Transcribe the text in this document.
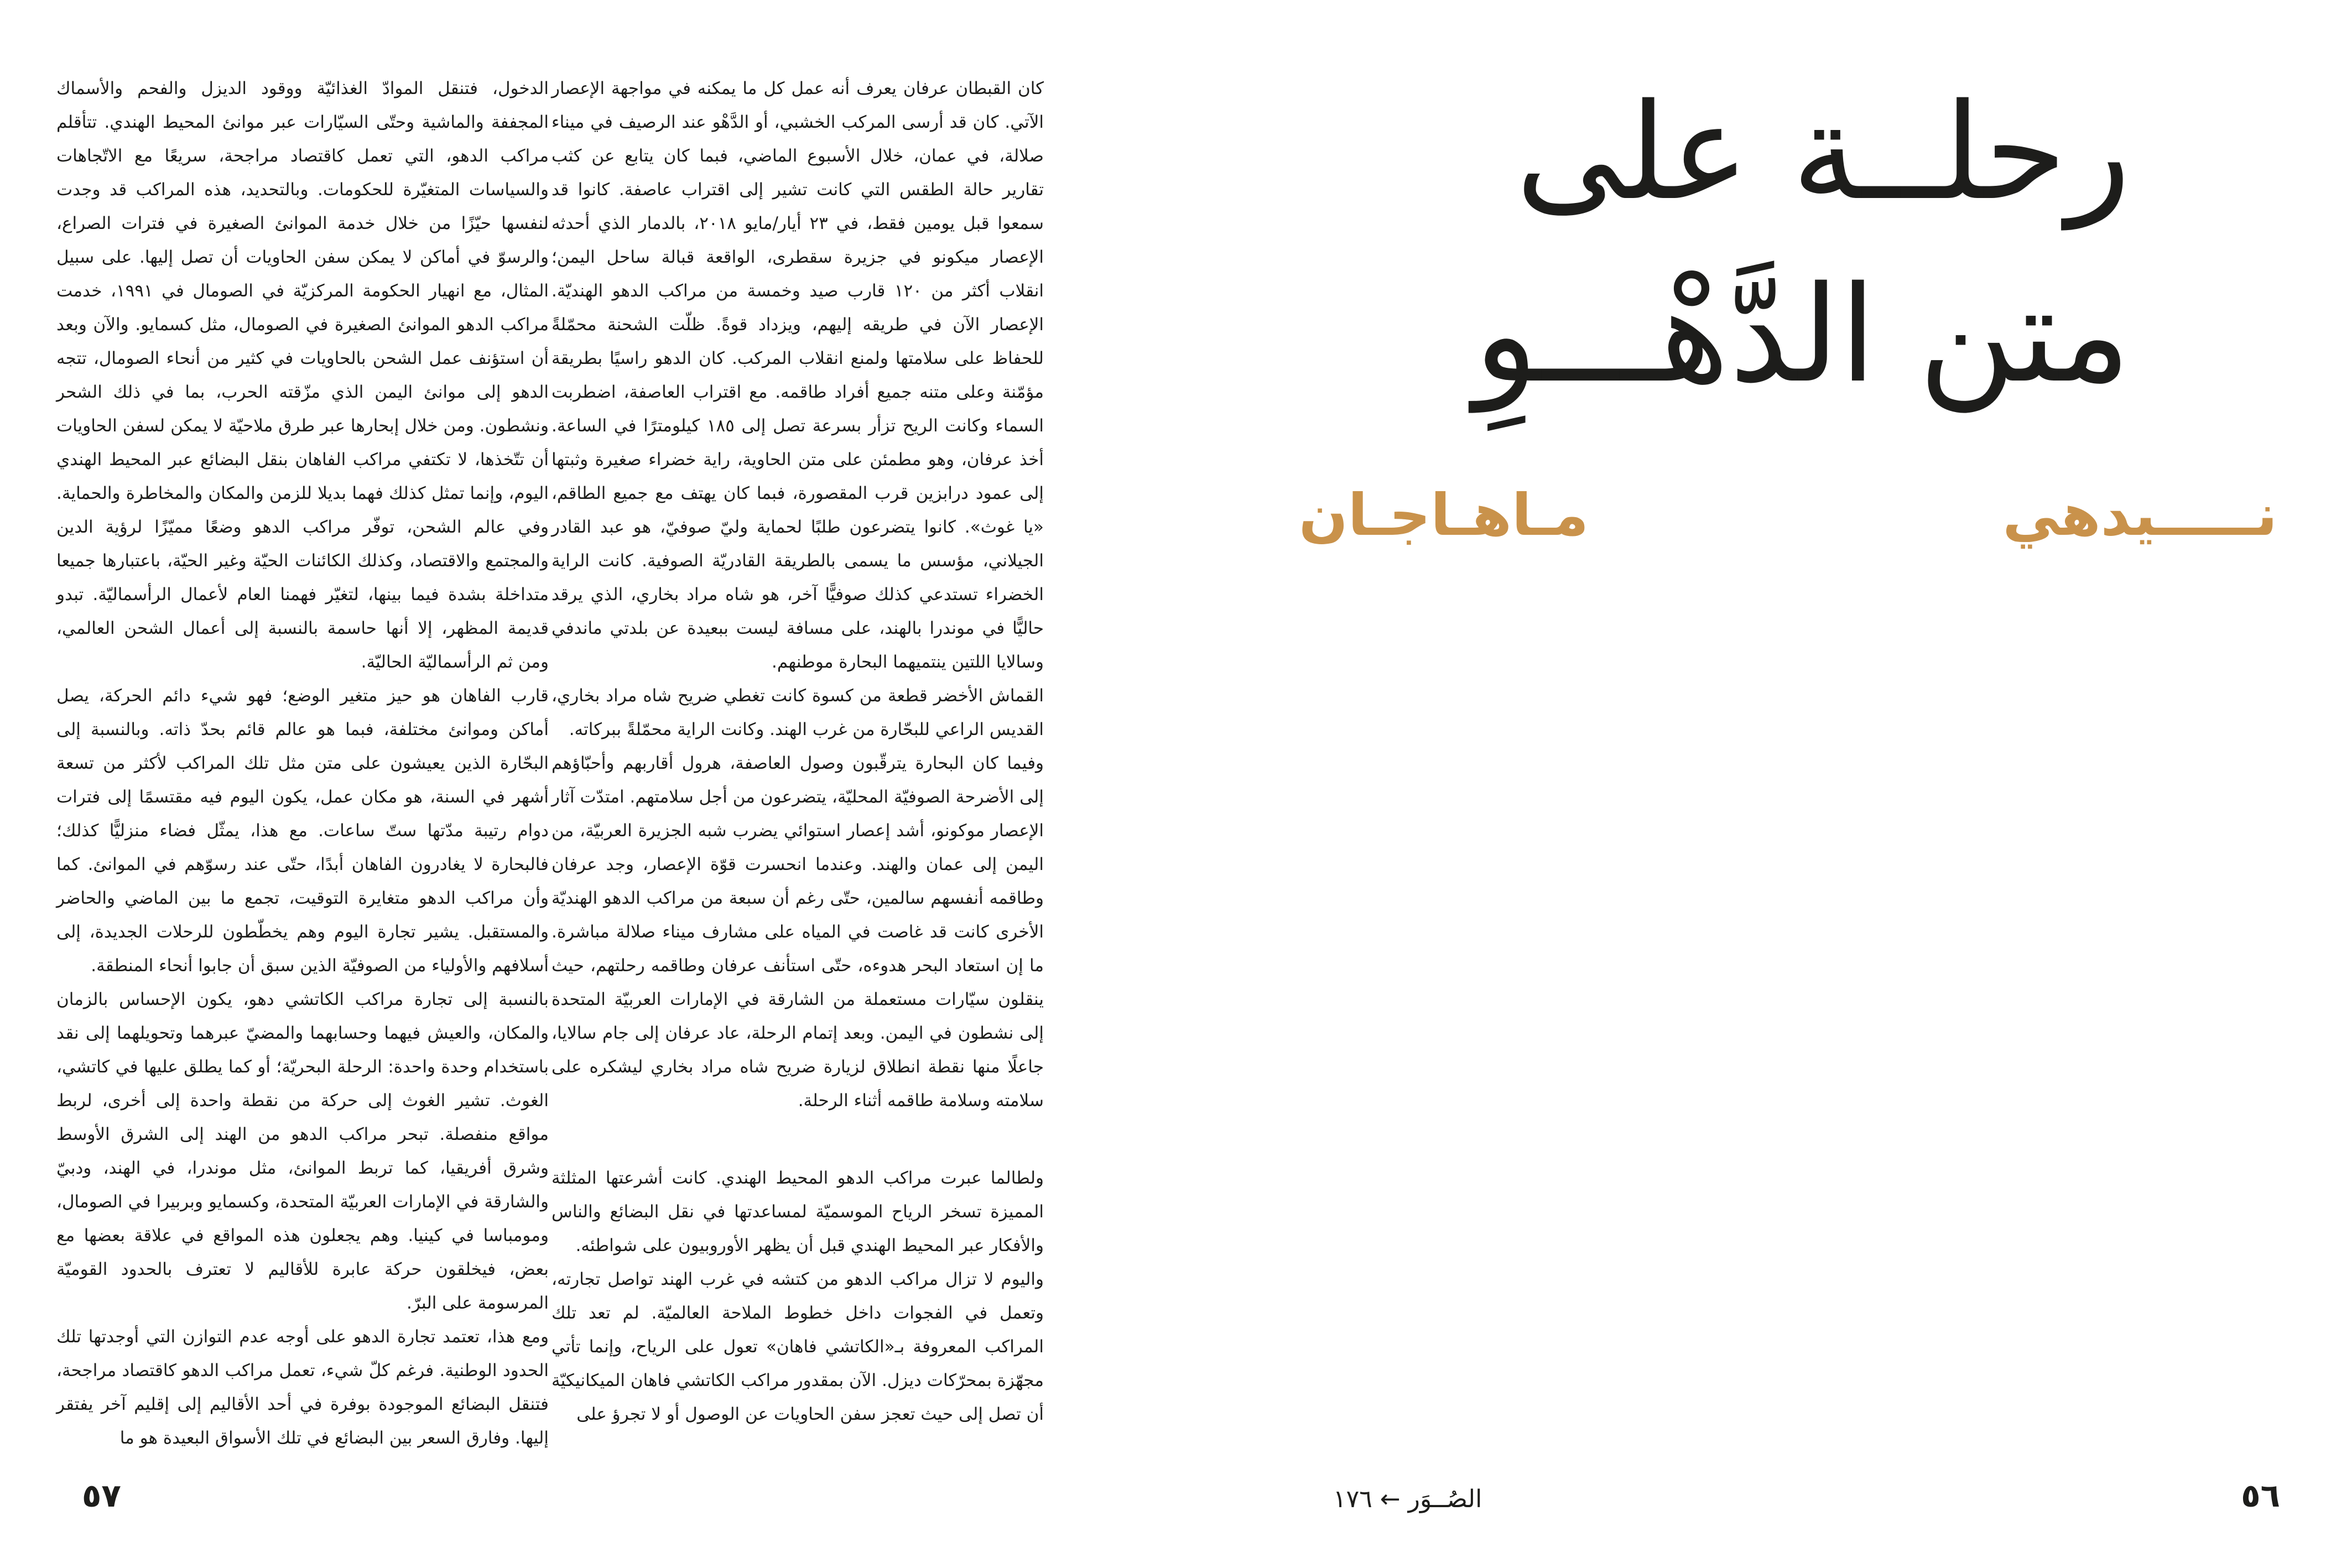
رحلــة على
متن الدَّهْـــوِ
نـــــيدهي
مـاهـاجـان

كان القبطان عرفان يعرف أنه عمل كل ما يمكنه في مواجهة الإعصار الآتي. كان قد أرسى المركب الخشبي، أو الدَّهْو عند الرصيف في ميناء صلالة، في عمان، خلال الأسبوع الماضي، فبما كان يتابع عن كثب تقارير حالة الطقس التي كانت تشير إلى اقتراب عاصفة. كانوا قد سمعوا قبل يومين فقط، في ٢٣ أيار/مايو ٢٠١٨، بالدمار الذي أحدثه الإعصار ميكونو في جزيرة سقطرى، الواقعة قبالة ساحل اليمن؛ انقلاب أكثر من ١٢٠ قارب صيد وخمسة من مراكب الدهو الهنديّة. الإعصار الآن في طريقه إليهم، ويزداد قوةً. ظلّت الشحنة محمّلةً للحفاظ على سلامتها ولمنع انقلاب المركب. كان الدهو راسيًا بطريقة مؤمّنة وعلى متنه جميع أفراد طاقمه. مع اقتراب العاصفة، اضطربت السماء وكانت الريح تزأر بسرعة تصل إلى ١٨٥ كيلومترًا في الساعة. أخذ عرفان، وهو مطمئن على متن الحاوية، راية خضراء صغيرة وثبتها إلى عمود درابزين قرب المقصورة، فبما كان يهتف مع جميع الطاقم، «يا غوث». كانوا يتضرعون طلبًا لحماية وليّ صوفيّ، هو عبد القادر الجيلاني، مؤسس ما يسمى بالطريقة القادريّة الصوفية. كانت الراية الخضراء تستدعي كذلك صوفيًّا آخر، هو شاه مراد بخاري، الذي يرقد حاليًّا في موندرا بالهند، على مسافة ليست ببعيدة عن بلدتي ماندفي وسالايا اللتين ينتميهما البحارة موطنهم.

القماش الأخضر قطعة من كسوة كانت تغطي ضريح شاه مراد بخاري، القديس الراعي للبحّارة من غرب الهند. وكانت الراية محمّلةً ببركاته.

وفيما كان البحارة يترقّبون وصول العاصفة، هرول أقاربهم وأحبّاؤهم إلى الأضرحة الصوفيّة المحليّة، يتضرعون من أجل سلامتهم. امتدّت آثار الإعصار موكونو، أشد إعصار استوائي يضرب شبه الجزيرة العربيّة، من اليمن إلى عمان والهند. وعندما انحسرت قوّة الإعصار، وجد عرفان وطاقمه أنفسهم سالمين، حتّى رغم أن سبعة من مراكب الدهو الهنديّة الأخرى كانت قد غاصت في المياه على مشارف ميناء صلالة مباشرة. ما إن استعاد البحر هدوءه، حتّى استأنف عرفان وطاقمه رحلتهم، حيث ينقلون سيّارات مستعملة من الشارقة في الإمارات العربيّة المتحدة إلى نشطون في اليمن. وبعد إتمام الرحلة، عاد عرفان إلى جام سالايا، جاعلًا منها نقطة انطلاق لزيارة ضريح شاه مراد بخاري ليشكره على سلامته وسلامة طاقمه أثناء الرحلة.

ولطالما عبرت مراكب الدهو المحيط الهندي. كانت أشرعتها المثلثة المميزة تسخر الرياح الموسميّة لمساعدتها في نقل البضائع والناس والأفكار عبر المحيط الهندي قبل أن يظهر الأوروبيون على شواطئه.

واليوم لا تزال مراكب الدهو من كتشه في غرب الهند تواصل تجارته، وتعمل في الفجوات داخل خطوط الملاحة العالميّة. لم تعد تلك المراكب المعروفة بـ«الكاتشي فاهان» تعول على الرياح، وإنما تأتي مجهّزة بمحرّكات ديزل. الآن بمقدور مراكب الكاتشي فاهان الميكانيكيّة أن تصل إلى حيث تعجز سفن الحاويات عن الوصول أو لا تجرؤ على

الدخول، فتنقل الموادّ الغذائيّة ووقود الديزل والفحم والأسماك المجففة والماشية وحتّى السيّارات عبر موانئ المحيط الهندي. تتأقلم مراكب الدهو، التي تعمل كاقتصاد مراجحة، سريعًا مع الاتّجاهات والسياسات المتغيّرة للحكومات. وبالتحديد، هذه المراكب قد وجدت لنفسها حيّزًا من خلال خدمة الموانئ الصغيرة في فترات الصراع، والرسوّ في أماكن لا يمكن سفن الحاويات أن تصل إليها. على سبيل المثال، مع انهيار الحكومة المركزيّة في الصومال في ١٩٩١، خدمت مراكب الدهو الموانئ الصغيرة في الصومال، مثل كسمايو. والآن وبعد أن استؤنف عمل الشحن بالحاويات في كثير من أنحاء الصومال، تتجه الدهو إلى موانئ اليمن الذي مزّقته الحرب، بما في ذلك الشحر ونشطون. ومن خلال إبحارها عبر طرق ملاحيّة لا يمكن لسفن الحاويات أن تتّخذها، لا تكتفي مراكب الفاهان بنقل البضائع عبر المحيط الهندي اليوم، وإنما تمثل كذلك فهما بديلا للزمن والمكان والمخاطرة والحماية. وفي عالم الشحن، توفّر مراكب الدهو وضعًا مميّزًا لرؤية الدين والمجتمع والاقتصاد، وكذلك الكائنات الحيّة وغير الحيّة، باعتبارها جميعا متداخلة بشدة فيما بينها، لتغيّر فهمنا العام لأعمال الرأسماليّة. تبدو قديمة المظهر، إلا أنها حاسمة بالنسبة إلى أعمال الشحن العالمي، ومن ثم الرأسماليّة الحاليّة.

قارب الفاهان هو حيز متغير الوضع؛ فهو شيء دائم الحركة، يصل أماكن وموانئ مختلفة، فبما هو عالم قائم بحدّ ذاته. وبالنسبة إلى البحّارة الذين يعيشون على متن مثل تلك المراكب لأكثر من تسعة أشهر في السنة، هو مكان عمل، يكون اليوم فيه مقتسمًا إلى فترات دوام رتيبة مدّتها ستّ ساعات. مع هذا، يمثّل فضاء منزليًّا كذلك؛ فالبحارة لا يغادرون الفاهان أبدًا، حتّى عند رسوّهم في الموانئ. كما وأن مراكب الدهو متغايرة التوقيت، تجمع ما بين الماضي والحاضر والمستقبل. يشير تجارة اليوم وهم يخطّطون للرحلات الجديدة، إلى أسلافهم والأولياء من الصوفيّة الذين سبق أن جابوا أنحاء المنطقة.

بالنسبة إلى تجارة مراكب الكاتشي دهو، يكون الإحساس بالزمان والمكان، والعيش فيهما وحسابهما والمضيّ عبرهما وتحويلهما إلى نقد باستخدام وحدة واحدة: الرحلة البحريّة؛ أو كما يطلق عليها في كاتشي، الغوث. تشير الغوث إلى حركة من نقطة واحدة إلى أخرى، لربط مواقع منفصلة. تبحر مراكب الدهو من الهند إلى الشرق الأوسط وشرق أفريقيا، كما تربط الموانئ، مثل موندرا، في الهند، ودبيّ والشارقة في الإمارات العربيّة المتحدة، وكسمايو وبربيرا في الصومال، ومومباسا في كينيا. وهم يجعلون هذه المواقع في علاقة بعضها مع بعض، فيخلقون حركة عابرة للأقاليم لا تعترف بالحدود القوميّة المرسومة على البرّ.

ومع هذا، تعتمد تجارة الدهو على أوجه عدم التوازن التي أوجدتها تلك الحدود الوطنية. فرغم كلّ شيء، تعمل مراكب الدهو كاقتصاد مراجحة، فتنقل البضائع الموجودة بوفرة في أحد الأقاليم إلى إقليم آخر يفتقر إليها. وفارق السعر بين البضائع في تلك الأسواق البعيدة هو ما

الصُــوَر ← ١٧٦	٥٦
٥٧
